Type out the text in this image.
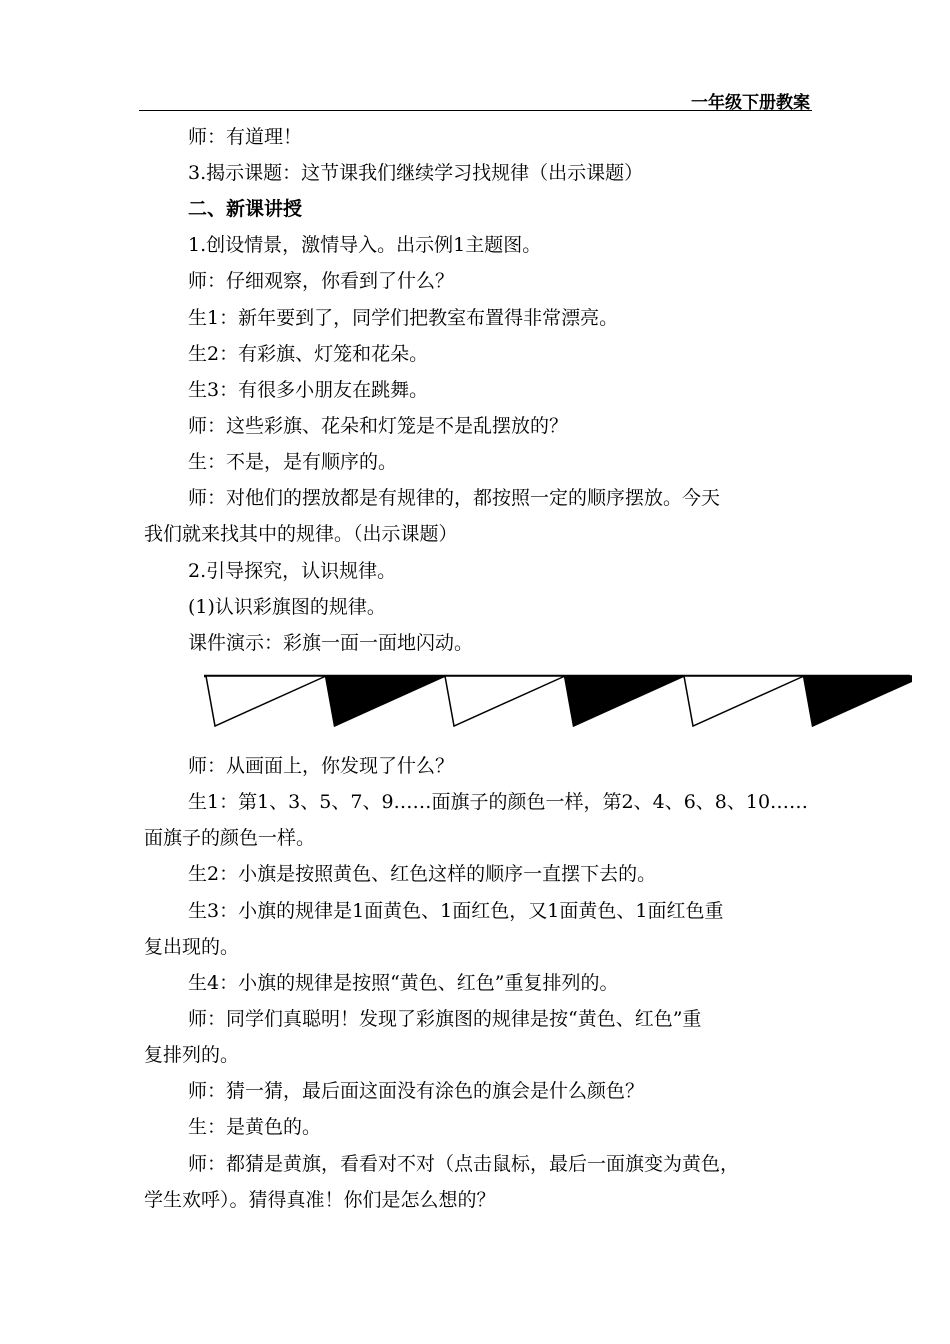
一年级下册教案
师：有道理！
3.揭示课题：这节课我们继续学习找规律（出示课题）
二、新课讲授
1.创设情景，激情导入。出示例1主题图。
师：仔细观察，你看到了什么？
生1：新年要到了，同学们把教室布置得非常漂亮。
生2：有彩旗、灯笼和花朵。
生3：有很多小朋友在跳舞。
师：这些彩旗、花朵和灯笼是不是乱摆放的？
生：不是，是有顺序的。
师：对他们的摆放都是有规律的，都按照一定的顺序摆放。今天
我们就来找其中的规律。（出示课题）
2.引导探究，认识规律。
(1)认识彩旗图的规律。
课件演示：彩旗一面一面地闪动。
师：从画面上，你发现了什么？
生1：第1、3、5、7、9……面旗子的颜色一样，第2、4、6、8、10……
面旗子的颜色一样。
生2：小旗是按照黄色、红色这样的顺序一直摆下去的。
生3：小旗的规律是1面黄色、1面红色，又1面黄色、1面红色重
复出现的。
生4：小旗的规律是按照“黄色、红色”重复排列的。
师：同学们真聪明！发现了彩旗图的规律是按“黄色、红色”重
复排列的。
师：猜一猜，最后面这面没有涂色的旗会是什么颜色？
生：是黄色的。
师：都猜是黄旗，看看对不对（点击鼠标，最后一面旗变为黄色，
学生欢呼）。猜得真准！你们是怎么想的？
